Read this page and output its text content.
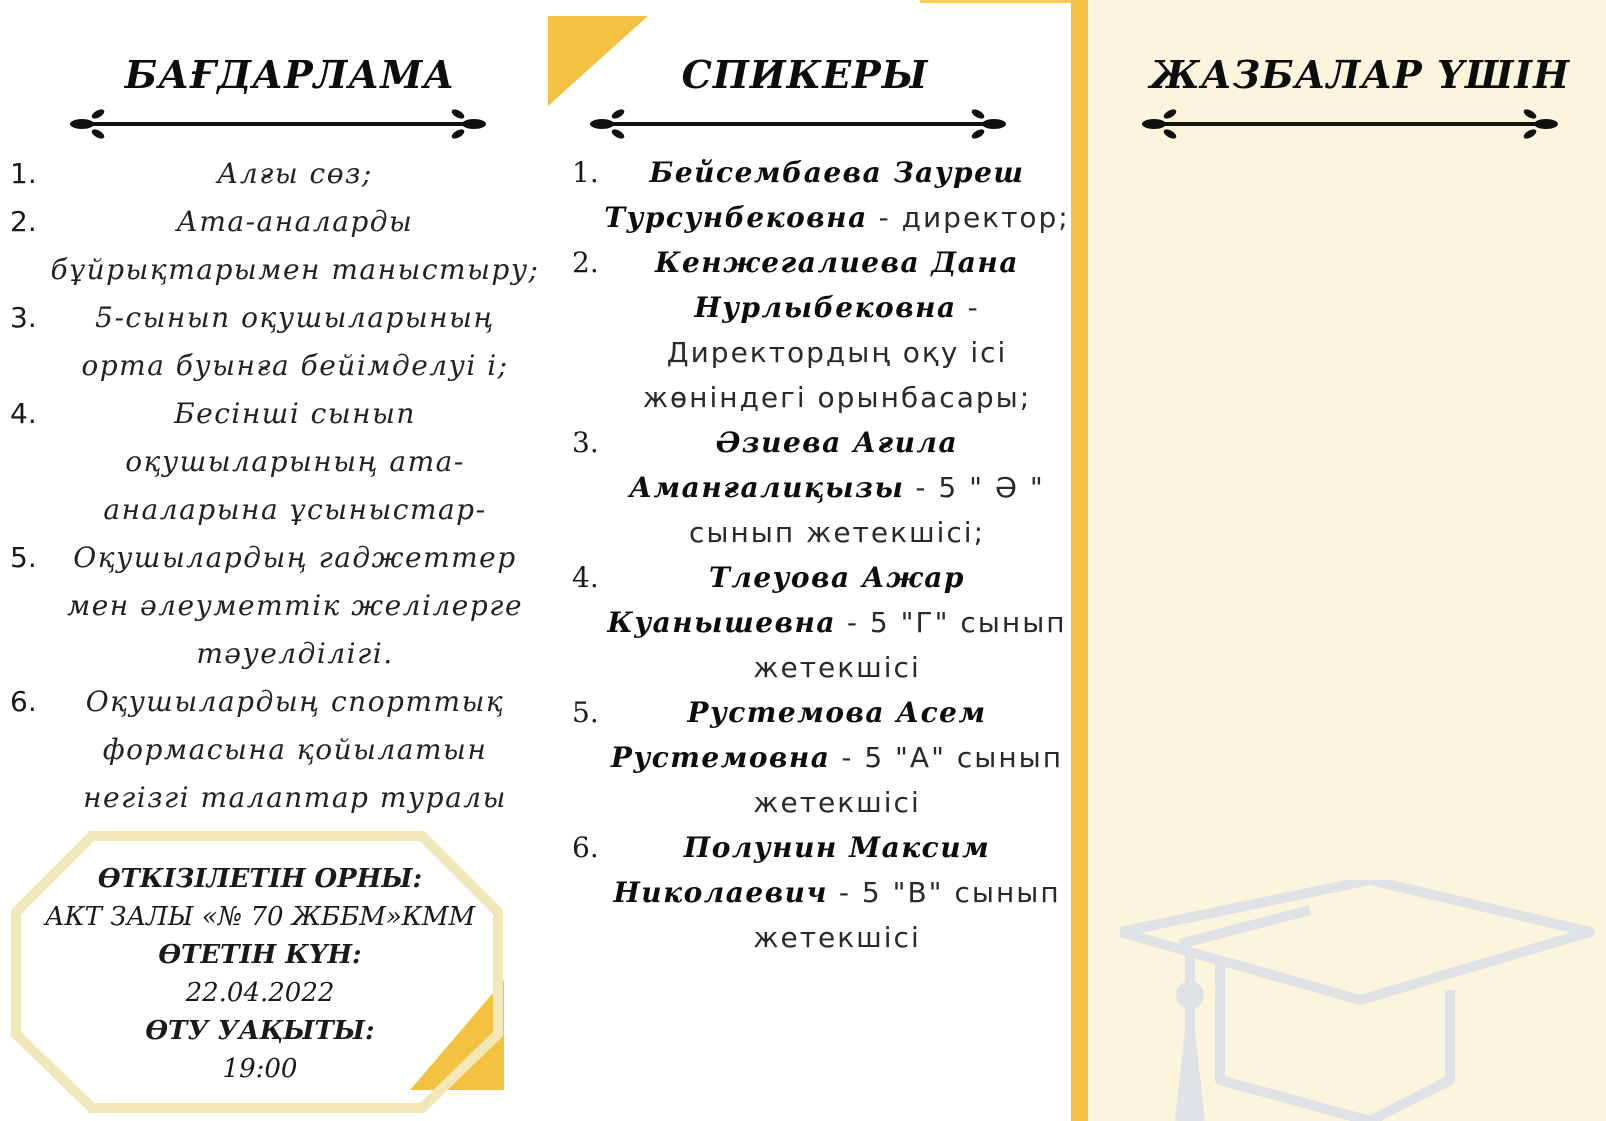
БАҒДАРЛАМА	СПИКЕРЫ	ЖАЗБАЛАР ҮШІН
1.	Алғы сөз;
2.	Ата-аналарды бұйрықтарымен таныстыру;
3.	5-сынып оқушыларының орта буынға бейімделуі і;
4.	Бесінші сынып оқушыларының ата-аналарына ұсыныстар-
5.	Оқушылардың гаджеттер мен әлеуметтік желілерге тәуелділігі.
6.	Оқушылардың спорттық формасына қойылатын негізгі талаптар туралы
1.	Бейсембаева Зауреш Турсунбековна - директор;
2.	Кенжегалиева Дана Нурлыбековна - Директордың оқу ісі жөніндегі орынбасары;
3.	Әзиева Ағила Аманғалиқызы - 5 " Ә " сынып жетекшісі;
4.	Тлеуова Ажар Куанышевна - 5 "Г" сынып жетекшісі
5.	Рустемова Асем Рустемовна - 5 "А" сынып жетекшісі
6.	Полунин Максим Николаевич - 5 "В" сынып жетекшісі
ӨТКІЗІЛЕТІН ОРНЫ:
АКТ ЗАЛЫ «№ 70 ЖББМ»КММ
ӨТЕТІН КҮН:
22.04.2022
ӨТУ УАҚЫТЫ:
19:00
